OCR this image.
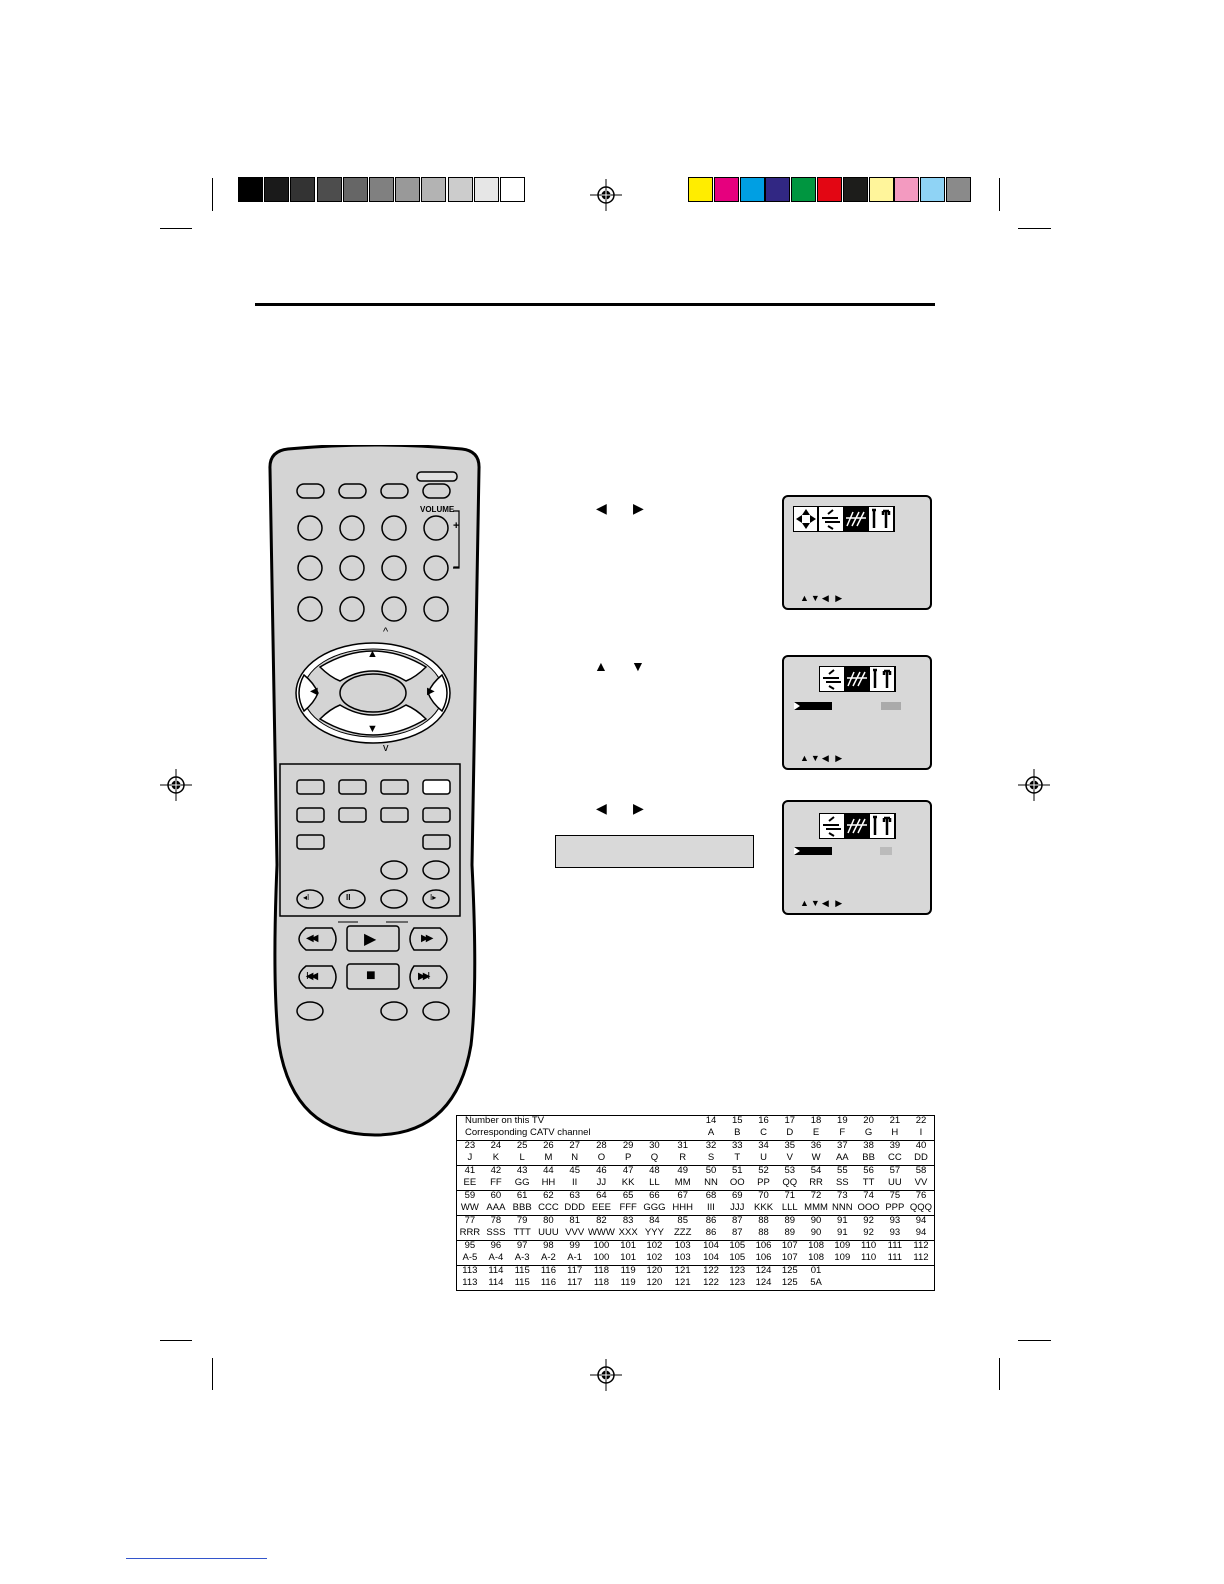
VOLUME
+
–
^
v
▲
▼
◀	▶
◂I	II	I▸
◀◀	▶	▶▶
I◀◀	■	▶▶I
◀ ▶
▲ ▼
◀ ▶
▲▼◀ ▶
▲▼◀ ▶
▲▼◀ ▶
Number on this TV									14	15	16	17	18	19	20	21	22
Corresponding CATV channel									A	B	C	D	E	F	G	H	I
23	24	25	26	27	28	29	30	31	32	33	34	35	36	37	38	39	40
J	K	L	M	N	O	P	Q	R	S	T	U	V	W	AA	BB	CC	DD
41	42	43	44	45	46	47	48	49	50	51	52	53	54	55	56	57	58
EE	FF	GG	HH	II	JJ	KK	LL	MM	NN	OO	PP	QQ	RR	SS	TT	UU	VV
59	60	61	62	63	64	65	66	67	68	69	70	71	72	73	74	75	76
WW	AAA	BBB	CCC	DDD	EEE	FFF	GGG	HHH	III	JJJ	KKK	LLL	MMM	NNN	OOO	PPP	QQQ
77	78	79	80	81	82	83	84	85	86	87	88	89	90	91	92	93	94
RRR	SSS	TTT	UUU	VVV	WWW	XXX	YYY	ZZZ	86	87	88	89	90	91	92	93	94
95	96	97	98	99	100	101	102	103	104	105	106	107	108	109	110	111	112
A-5	A-4	A-3	A-2	A-1	100	101	102	103	104	105	106	107	108	109	110	111	112
113	114	115	116	117	118	119	120	121	122	123	124	125	01				
113	114	115	116	117	118	119	120	121	122	123	124	125	5A				
